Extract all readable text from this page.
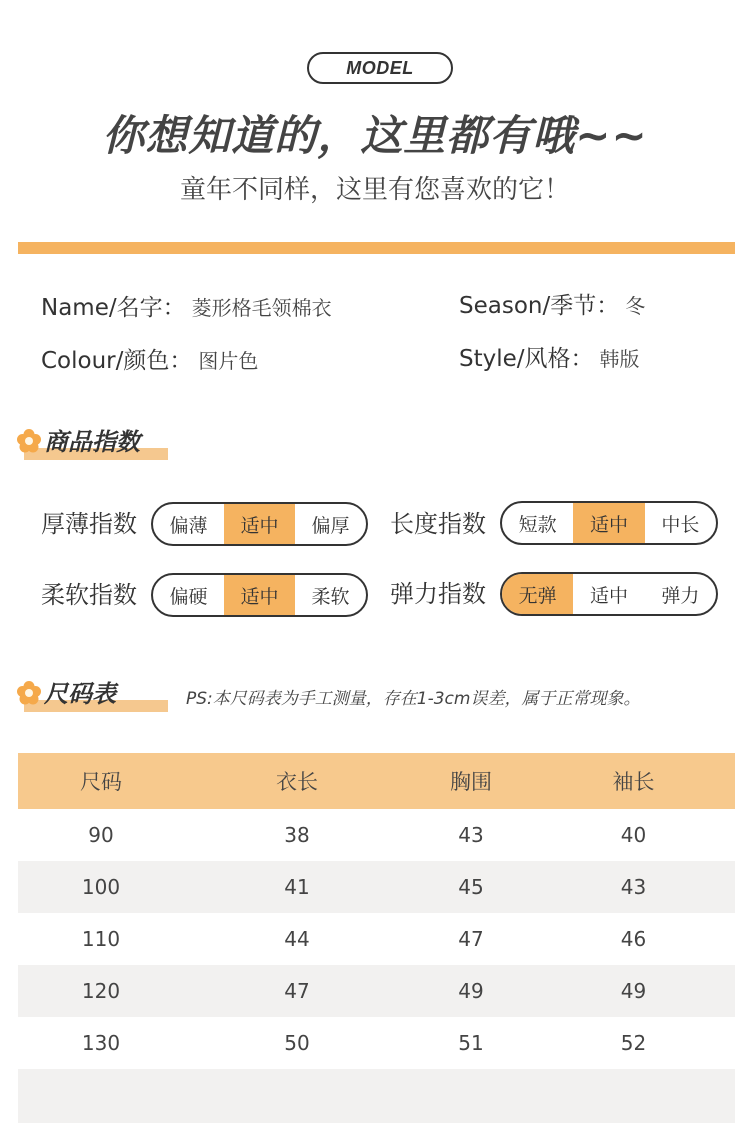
MODEL
你想知道的，这里都有哦~~
童年不同样，这里有您喜欢的它！
Name/名字： 菱形格毛领棉衣	Season/季节： 冬
Colour/颜色： 图片色	Style/风格： 韩版
商品指数
厚薄指数	偏薄	适中	偏厚	长度指数	短款	适中	中长
柔软指数	偏硬	适中	柔软	弹力指数	无弹	适中	弹力
尺码表	PS:本尺码表为手工测量，存在1-3cm误差，属于正常现象。
尺码	衣长	胸围	袖长
90	38	43	40
100	41	45	43
110	44	47	46
120	47	49	49
130	50	51	52
